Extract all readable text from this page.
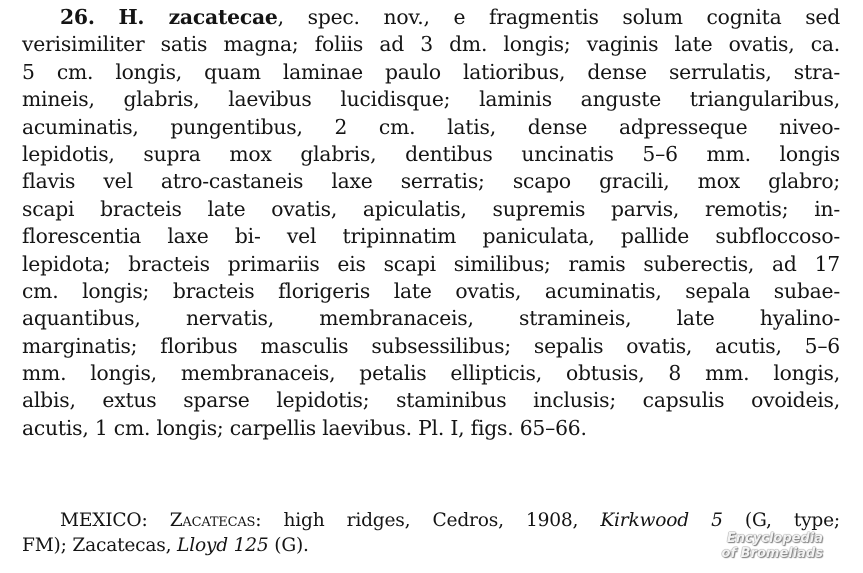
26. H. zacatecae, spec. nov., e fragmentis solum cognita sed
verisimiliter satis magna; foliis ad 3 dm. longis; vaginis late ovatis, ca.
5 cm. longis, quam laminae paulo latioribus, dense serrulatis, stra-
mineis, glabris, laevibus lucidisque; laminis anguste triangularibus,
acuminatis, pungentibus, 2 cm. latis, dense adpresseque niveo-
lepidotis, supra mox glabris, dentibus uncinatis 5–6 mm. longis
flavis vel atro-castaneis laxe serratis; scapo gracili, mox glabro;
scapi bracteis late ovatis, apiculatis, supremis parvis, remotis; in-
florescentia laxe bi- vel tripinnatim paniculata, pallide subfloccoso-
lepidota; bracteis primariis eis scapi similibus; ramis suberectis, ad 17
cm. longis; bracteis florigeris late ovatis, acuminatis, sepala subae-
aquantibus, nervatis, membranaceis, stramineis, late hyalino-
marginatis; floribus masculis subsessilibus; sepalis ovatis, acutis, 5–6
mm. longis, membranaceis, petalis ellipticis, obtusis, 8 mm. longis,
albis, extus sparse lepidotis; staminibus inclusis; capsulis ovoideis,
acutis, 1 cm. longis; carpellis laevibus. Pl. I, figs. 65–66.
MEXICO: Zacatecas: high ridges, Cedros, 1908, Kirkwood 5 (G, type;
FM); Zacatecas, Lloyd 125 (G).	Encyclopedia
of Bromeliads
